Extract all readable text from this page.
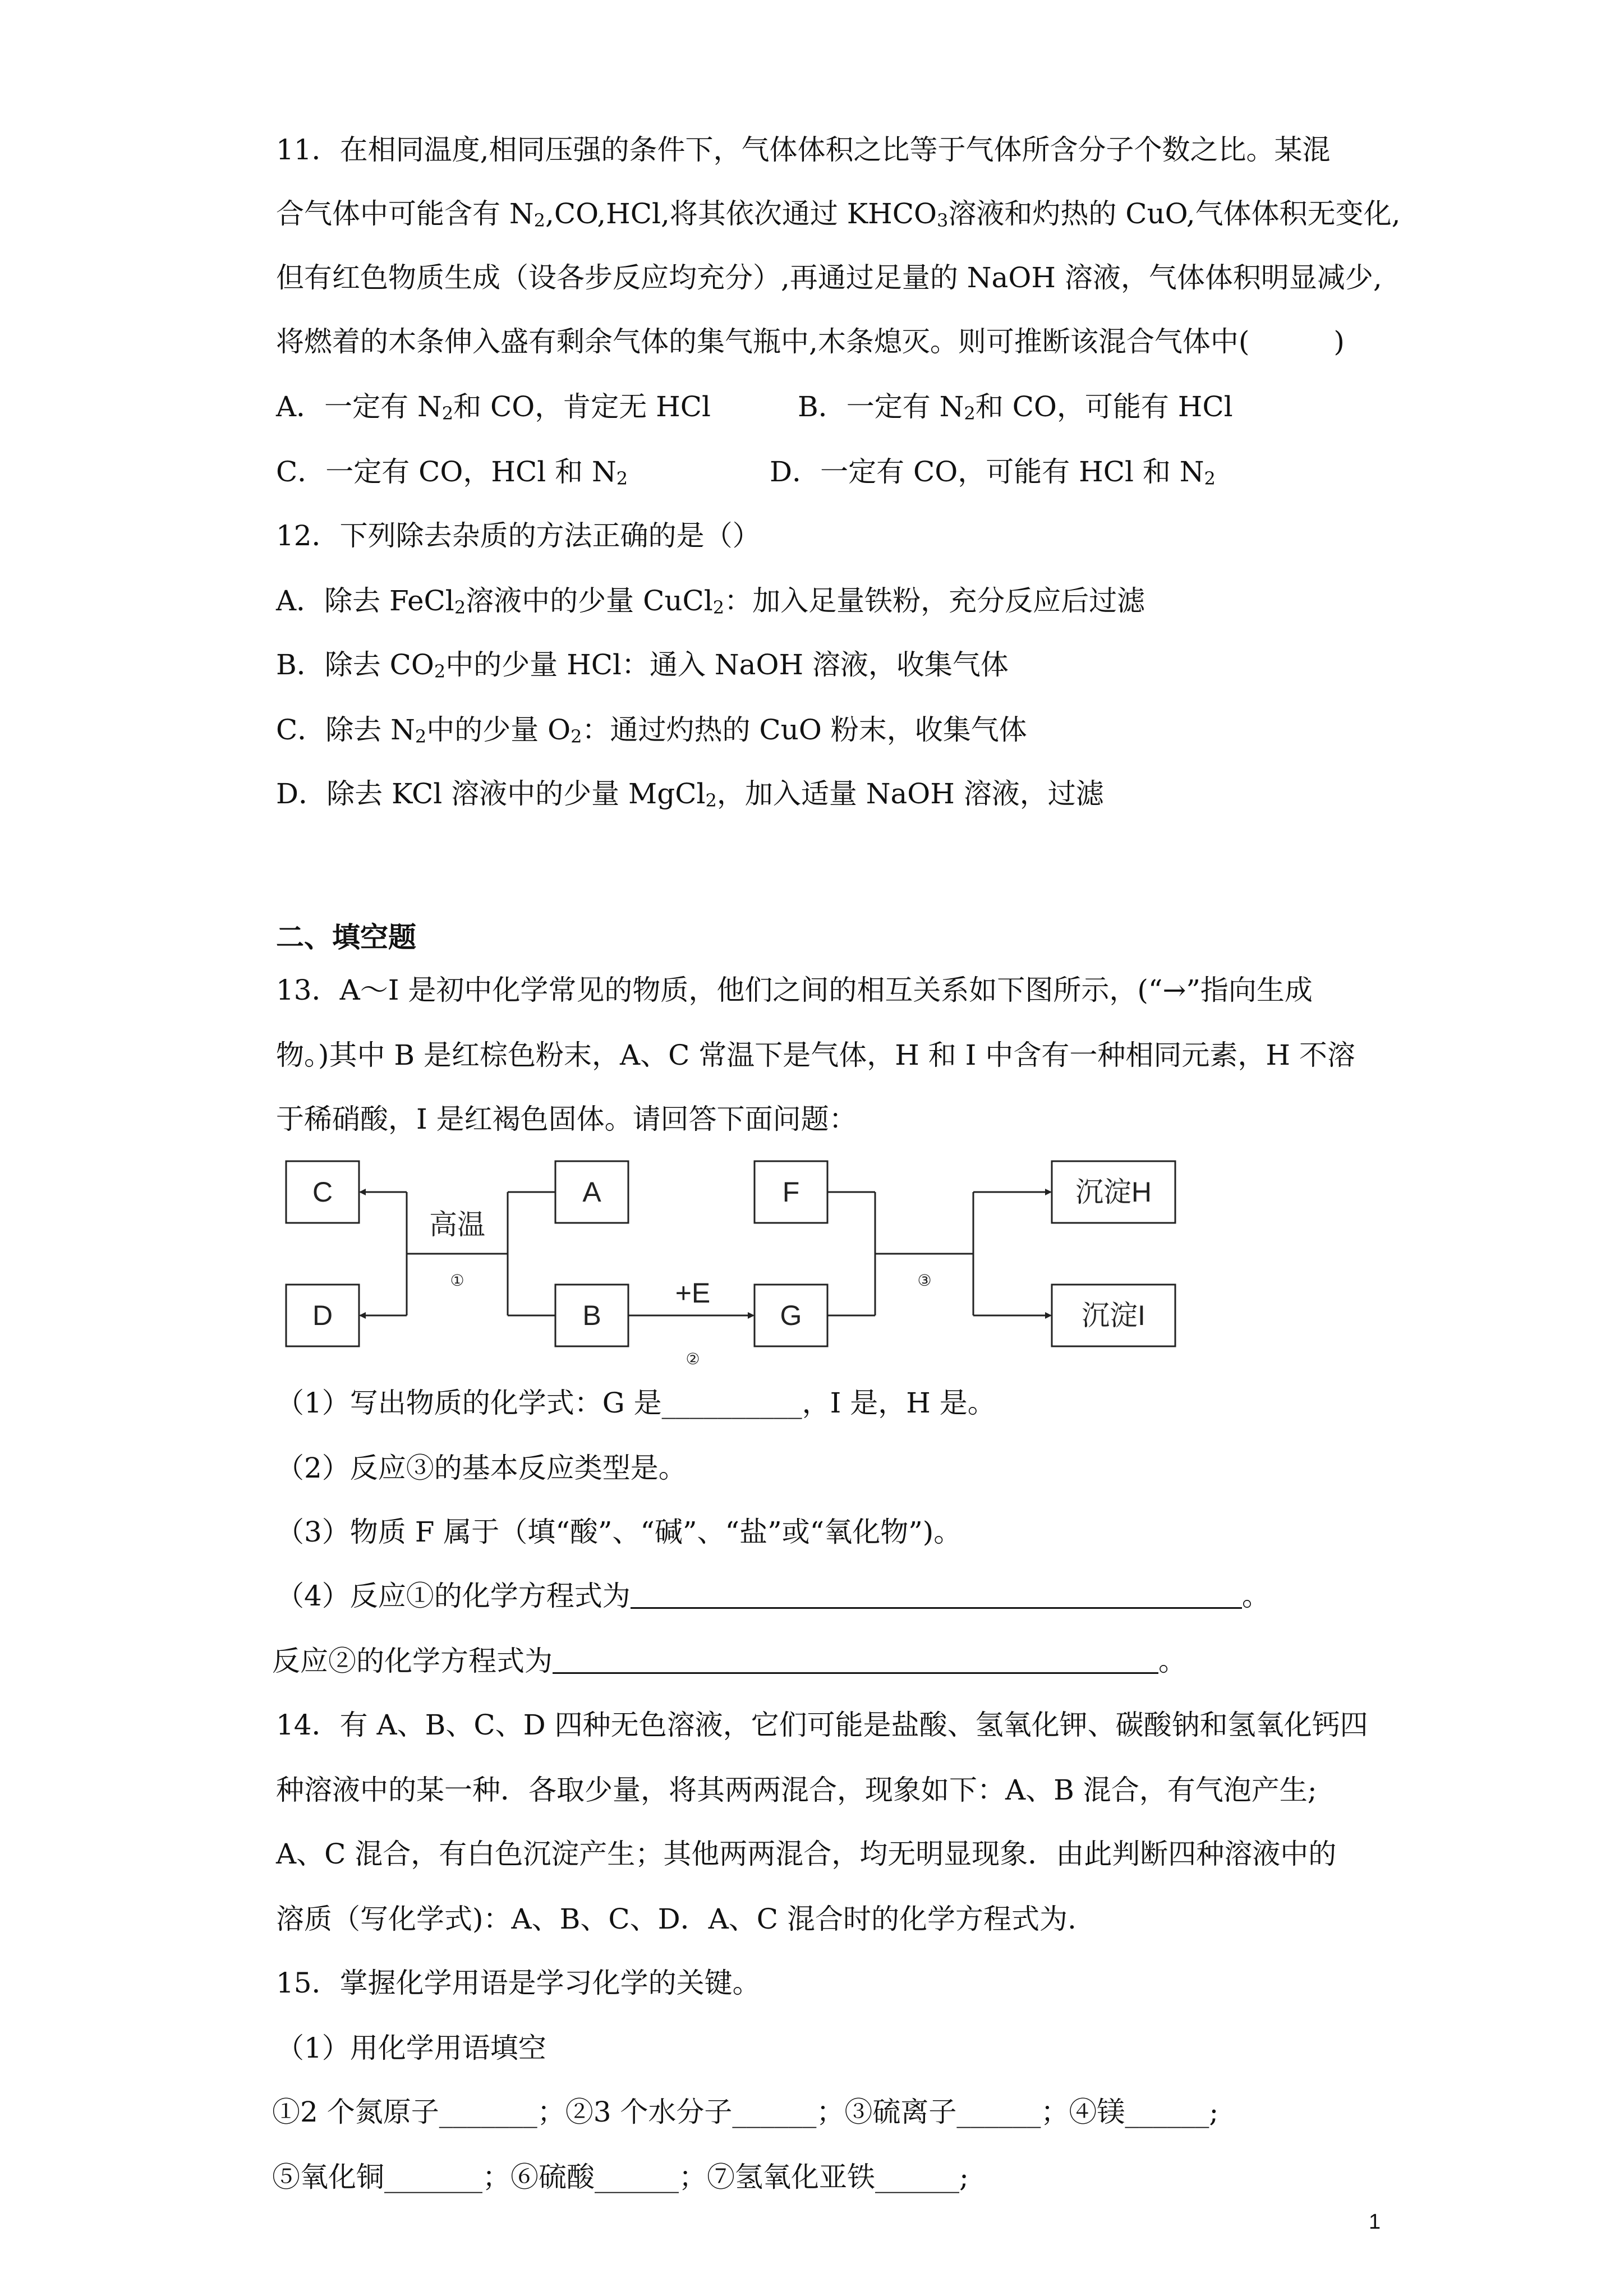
11．在相同温度,相同压强的条件下，气体体积之比等于气体所含分子个数之比。某混
合气体中可能含有 $N_2,CO,HCl$,将其依次通过 $KHCO_3$溶液和灼热的 CuO,气体体积无变化,
但有红色物质生成（设各步反应均充分）,再通过足量的 NaOH 溶液，气体体积明显减少,
将燃着的木条伸入盛有剩余气体的集气瓶中,木条熄灭。则可推断该混合气体中(　　　)
A．一定有 $N_2$和 CO，肯定无 HCl	B．一定有 $N_2$和 CO，可能有 HCl
C．一定有 CO，HCl 和 $N_2$	D．一定有 CO，可能有 HCl 和 $N_2$
12．下列除去杂质的方法正确的是（）
A．除去 FeCl$_2$溶液中的少量 CuCl$_2$：加入足量铁粉，充分反应后过滤
B．除去 $CO_2$中的少量 HCl：通入 NaOH 溶液，收集气体
C．除去 $N_2$中的少量 $O_2$：通过灼热的 CuO 粉末，收集气体
D．除去 KCl 溶液中的少量 MgCl$_2$，加入适量 NaOH 溶液，过滤
二、填空题
13．A～I 是初中化学常见的物质，他们之间的相互关系如下图所示，(“→”指向生成
物。)其中 B 是红棕色粉末，A、C 常温下是气体，H 和 I 中含有一种相同元素，H 不溶
于稀硝酸，I 是红褐色固体。请回答下面问题：
C
D
A
B
F
G
沉淀H
沉淀I
高温
+E
①
②
③
（1）写出物质的化学式：G 是__________，I 是，H 是。
（2）反应③的基本反应类型是。
（3）物质 F 属于（填“酸”、“碱”、“盐”或“氧化物”)。
（4）反应①的化学方程式为	。
反应②的化学方程式为	。
14．有 A、B、C、D 四种无色溶液，它们可能是盐酸、氢氧化钾、碳酸钠和氢氧化钙四
种溶液中的某一种．各取少量，将其两两混合，现象如下：A、B 混合，有气泡产生;
A、C 混合，有白色沉淀产生；其他两两混合，均无明显现象．由此判断四种溶液中的
溶质（写化学式)：A、B、C、D．A、C 混合时的化学方程式为.
15．掌握化学用语是学习化学的关键。
（1）用化学用语填空
①2 个氮原子_______；②3 个水分子______；③硫离子______；④镁______;
⑤氧化铜_______；⑥硫酸______；⑦氢氧化亚铁______;
1
